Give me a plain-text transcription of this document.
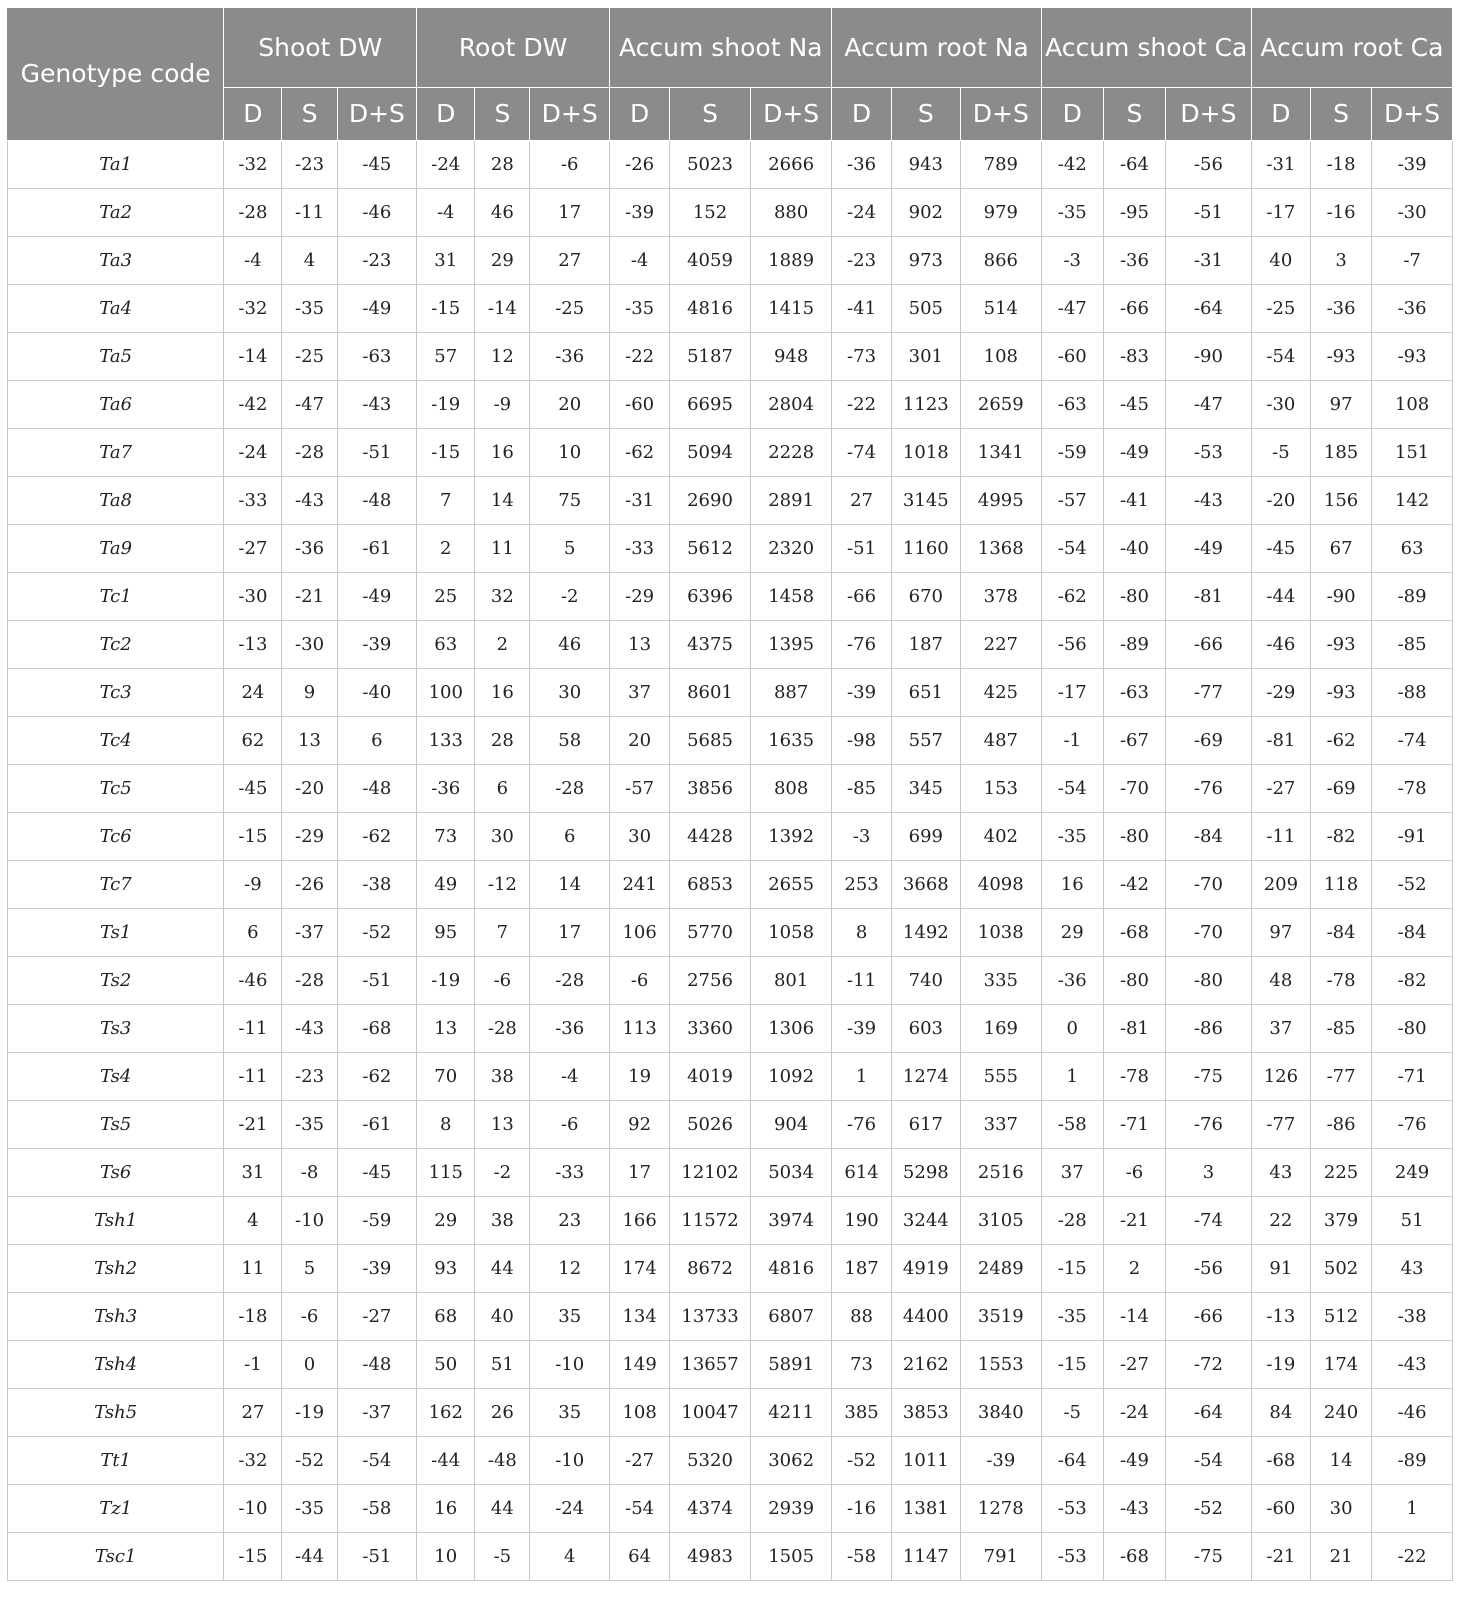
Genotype code	Shoot DW			Root DW			Accum shoot Na			Accum root Na			Accum shoot Ca			Accum root Ca		
	D	S	D+S	D	S	D+S	D	S	D+S	D	S	D+S	D	S	D+S	D	S	D+S
Ta1	-32	-23	-45	-24	28	-6	-26	5023	2666	-36	943	789	-42	-64	-56	-31	-18	-39
Ta2	-28	-11	-46	-4	46	17	-39	152	880	-24	902	979	-35	-95	-51	-17	-16	-30
Ta3	-4	4	-23	31	29	27	-4	4059	1889	-23	973	866	-3	-36	-31	40	3	-7
Ta4	-32	-35	-49	-15	-14	-25	-35	4816	1415	-41	505	514	-47	-66	-64	-25	-36	-36
Ta5	-14	-25	-63	57	12	-36	-22	5187	948	-73	301	108	-60	-83	-90	-54	-93	-93
Ta6	-42	-47	-43	-19	-9	20	-60	6695	2804	-22	1123	2659	-63	-45	-47	-30	97	108
Ta7	-24	-28	-51	-15	16	10	-62	5094	2228	-74	1018	1341	-59	-49	-53	-5	185	151
Ta8	-33	-43	-48	7	14	75	-31	2690	2891	27	3145	4995	-57	-41	-43	-20	156	142
Ta9	-27	-36	-61	2	11	5	-33	5612	2320	-51	1160	1368	-54	-40	-49	-45	67	63
Tc1	-30	-21	-49	25	32	-2	-29	6396	1458	-66	670	378	-62	-80	-81	-44	-90	-89
Tc2	-13	-30	-39	63	2	46	13	4375	1395	-76	187	227	-56	-89	-66	-46	-93	-85
Tc3	24	9	-40	100	16	30	37	8601	887	-39	651	425	-17	-63	-77	-29	-93	-88
Tc4	62	13	6	133	28	58	20	5685	1635	-98	557	487	-1	-67	-69	-81	-62	-74
Tc5	-45	-20	-48	-36	6	-28	-57	3856	808	-85	345	153	-54	-70	-76	-27	-69	-78
Tc6	-15	-29	-62	73	30	6	30	4428	1392	-3	699	402	-35	-80	-84	-11	-82	-91
Tc7	-9	-26	-38	49	-12	14	241	6853	2655	253	3668	4098	16	-42	-70	209	118	-52
Ts1	6	-37	-52	95	7	17	106	5770	1058	8	1492	1038	29	-68	-70	97	-84	-84
Ts2	-46	-28	-51	-19	-6	-28	-6	2756	801	-11	740	335	-36	-80	-80	48	-78	-82
Ts3	-11	-43	-68	13	-28	-36	113	3360	1306	-39	603	169	0	-81	-86	37	-85	-80
Ts4	-11	-23	-62	70	38	-4	19	4019	1092	1	1274	555	1	-78	-75	126	-77	-71
Ts5	-21	-35	-61	8	13	-6	92	5026	904	-76	617	337	-58	-71	-76	-77	-86	-76
Ts6	31	-8	-45	115	-2	-33	17	12102	5034	614	5298	2516	37	-6	3	43	225	249
Tsh1	4	-10	-59	29	38	23	166	11572	3974	190	3244	3105	-28	-21	-74	22	379	51
Tsh2	11	5	-39	93	44	12	174	8672	4816	187	4919	2489	-15	2	-56	91	502	43
Tsh3	-18	-6	-27	68	40	35	134	13733	6807	88	4400	3519	-35	-14	-66	-13	512	-38
Tsh4	-1	0	-48	50	51	-10	149	13657	5891	73	2162	1553	-15	-27	-72	-19	174	-43
Tsh5	27	-19	-37	162	26	35	108	10047	4211	385	3853	3840	-5	-24	-64	84	240	-46
Tt1	-32	-52	-54	-44	-48	-10	-27	5320	3062	-52	1011	-39	-64	-49	-54	-68	14	-89
Tz1	-10	-35	-58	16	44	-24	-54	4374	2939	-16	1381	1278	-53	-43	-52	-60	30	1
Tsc1	-15	-44	-51	10	-5	4	64	4983	1505	-58	1147	791	-53	-68	-75	-21	21	-22
